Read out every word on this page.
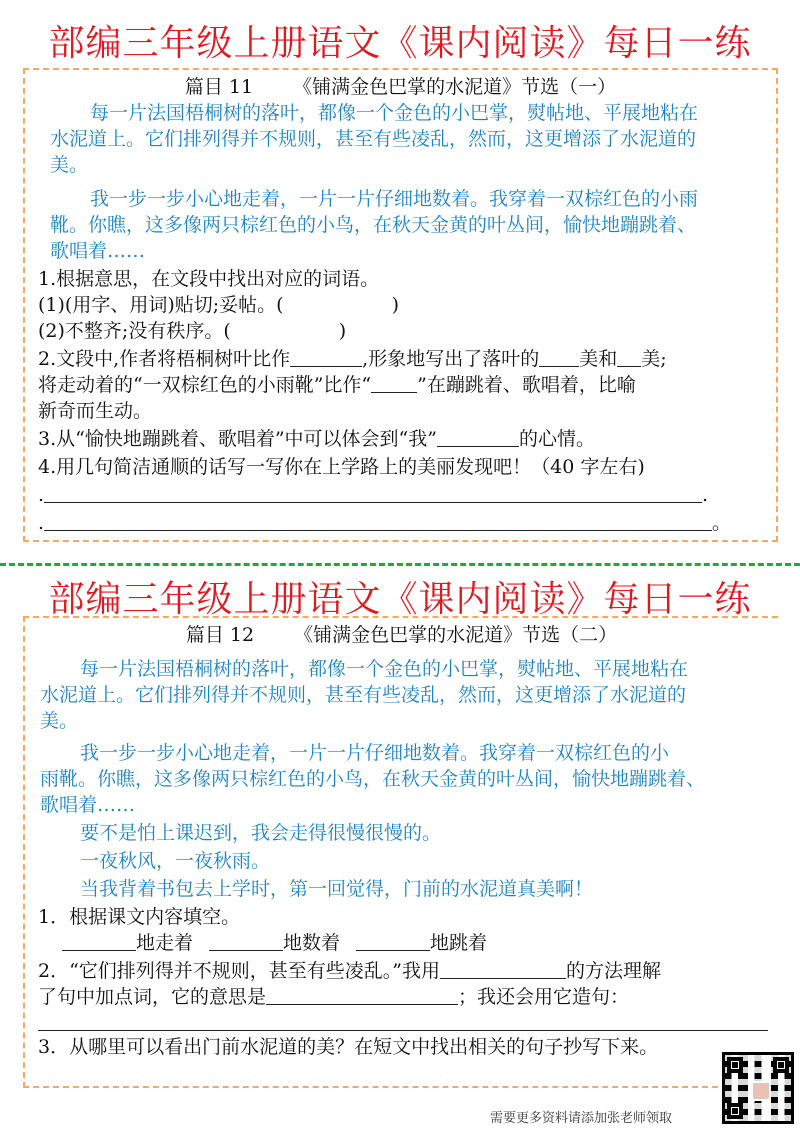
部编三年级上册语文《课内阅读》每日一练
篇目 11 《铺满金色巴掌的水泥道》节选（一）
每一片法国梧桐树的落叶，都像一个金色的小巴掌，熨帖地、平展地粘在
水泥道上。它们排列得并不规则，甚至有些凌乱，然而，这更增添了水泥道的
美。
我一步一步小心地走着，一片一片仔细地数着。我穿着一双棕红色的小雨
靴。你瞧，这多像两只棕红色的小鸟，在秋天金黄的叶丛间，愉快地蹦跳着、
歌唱着……
1.根据意思，在文段中找出对应的词语。
(1)(用字、用词)贴切;妥帖。(	)
(2)不整齐;没有秩序。(	)
2.文段中,作者将梧桐树叶比作	,形象地写出了落叶的 美和 美;
将走动着的“一双棕红色的小雨靴”比作“ ”在蹦跳着、歌唱着，比喻
新奇而生动。
3.从“愉快地蹦跳着、歌唱着”中可以体会到“我”	的心情。
4.用几句简洁通顺的话写一写你在上学路上的美丽发现吧！（40 字左右)
.	.
.	。
部编三年级上册语文《课内阅读》每日一练
篇目 12 《铺满金色巴掌的水泥道》节选（二）
每一片法国梧桐树的落叶，都像一个金色的小巴掌，熨帖地、平展地粘在
水泥道上。它们排列得并不规则，甚至有些凌乱，然而，这更增添了水泥道的
美。
我一步一步小心地走着，一片一片仔细地数着。我穿着一双棕红色的小
雨靴。你瞧，这多像两只棕红色的小鸟，在秋天金黄的叶丛间，愉快地蹦跳着、
歌唱着……
要不是怕上课迟到，我会走得很慢很慢的。
一夜秋风，一夜秋雨。
当我背着书包去上学时，第一回觉得，门前的水泥道真美啊！
1．根据课文内容填空。
地走着	地数着	地跳着
2．“它们排列得并不规则，甚至有些凌乱。”我用	的方法理解
了句中加点词，它的意思是	；我还会用它造句：
3．从哪里可以看出门前水泥道的美？在短文中找出相关的句子抄写下来。
需要更多资料请添加张老师领取
